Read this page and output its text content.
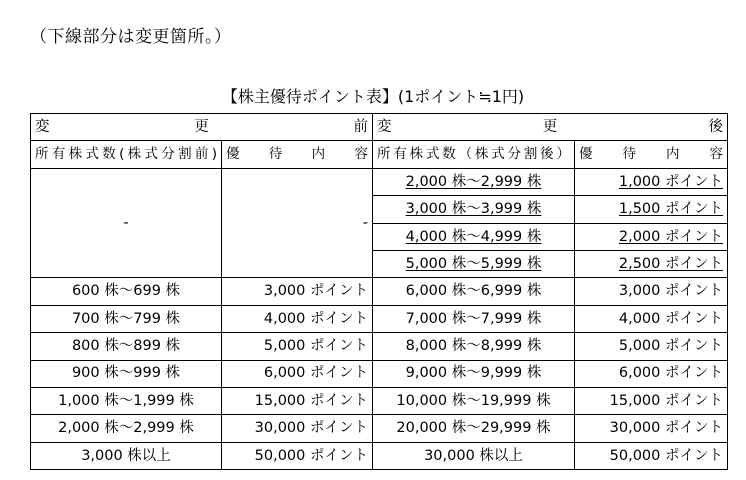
（下線部分は変更箇所。）
【株主優待ポイント表】(1ポイント≒1円)
変　　　　更　　　　前		変　　　　更　　　　後	
所有株式数(株式分割前)	優　待　内　容	所有株式数（株式分割後）	優　待　内　容
-	-	2,000 株～2,999 株	1,000 ポイント
		3,000 株～3,999 株	1,500 ポイント
		4,000 株～4,999 株	2,000 ポイント
		5,000 株～5,999 株	2,500 ポイント
600 株～699 株	3,000 ポイント	6,000 株～6,999 株	3,000 ポイント
700 株～799 株	4,000 ポイント	7,000 株～7,999 株	4,000 ポイント
800 株～899 株	5,000 ポイント	8,000 株～8,999 株	5,000 ポイント
900 株～999 株	6,000 ポイント	9,000 株～9,999 株	6,000 ポイント
1,000 株～1,999 株	15,000 ポイント	10,000 株～19,999 株	15,000 ポイント
2,000 株～2,999 株	30,000 ポイント	20,000 株～29,999 株	30,000 ポイント
3,000 株以上	50,000 ポイント	30,000 株以上	50,000 ポイント
